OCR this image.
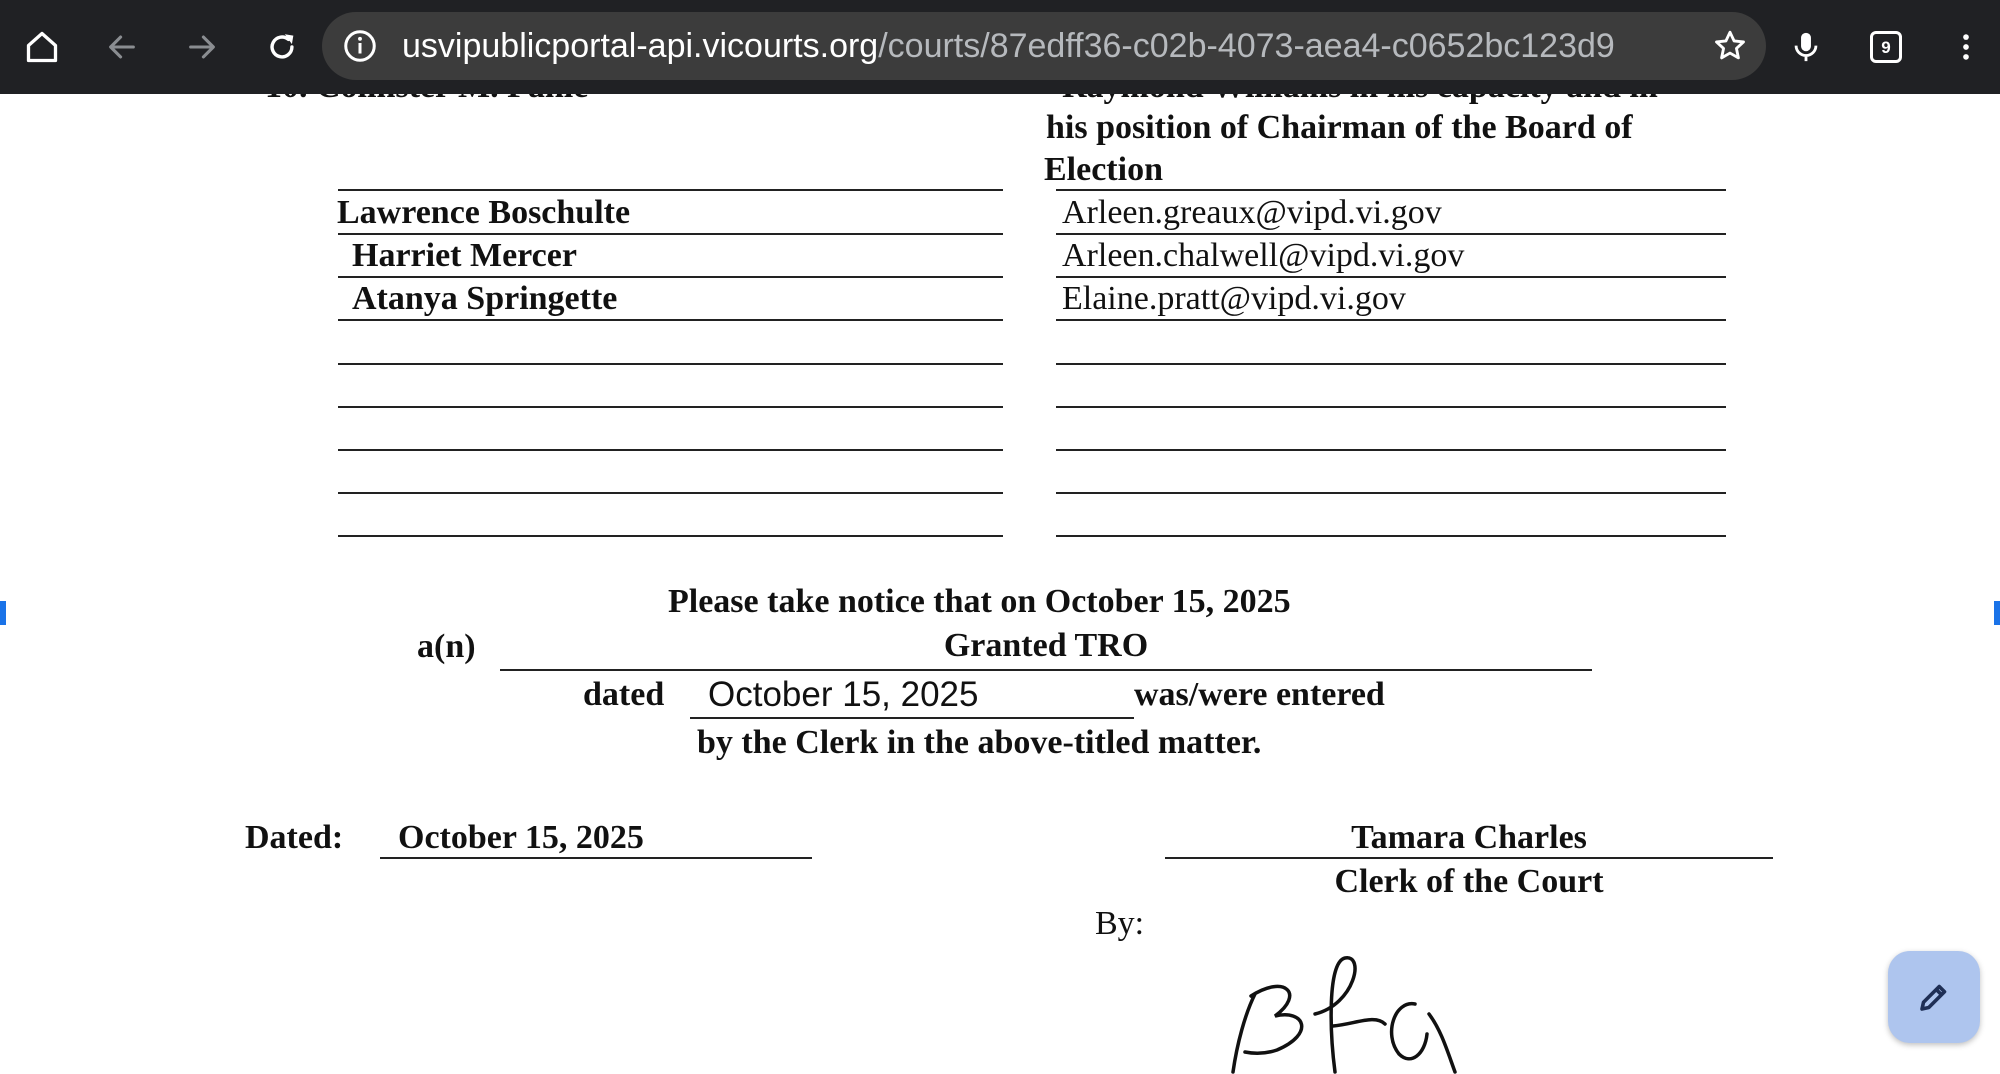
usvipublicportal-api.vicourts.org/courts/87edff36-c02b-4073-aea4-c0652bc123d9	9
his position of Chairman of the Board of
Election
Lawrence Boschulte	Arleen.greaux@vipd.vi.gov
Harriet Mercer	Arleen.chalwell@vipd.vi.gov
Atanya Springette	Elaine.pratt@vipd.vi.gov
Please take notice that on October 15, 2025
a(n)	Granted TRO
dated October 15, 2025	was/were entered
by the Clerk in the above-titled matter.
Dated: October 15, 2025	Tamara Charles
Clerk of the Court
By:
